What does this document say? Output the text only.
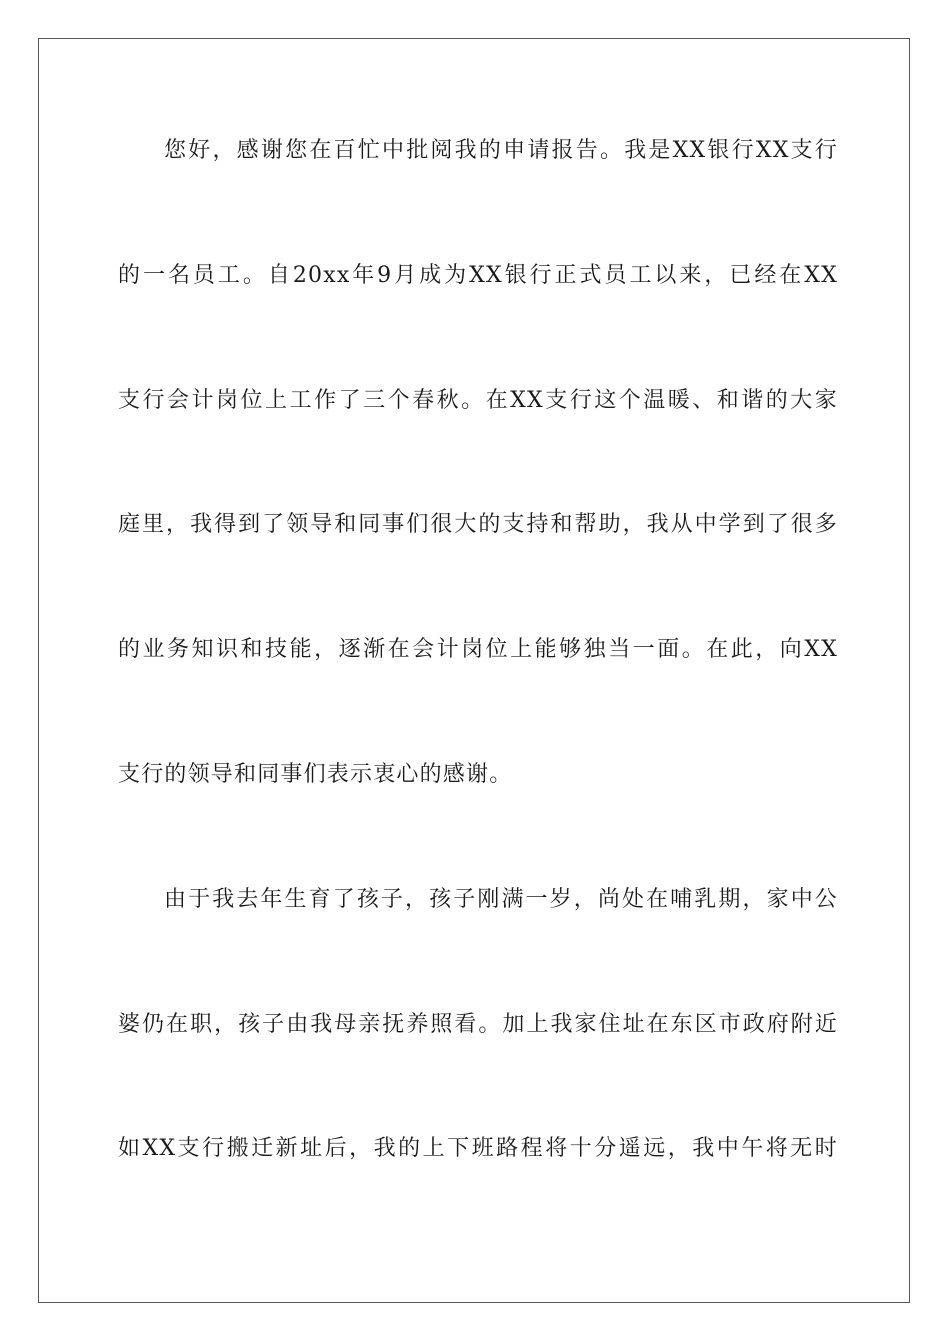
您好，感谢您在百忙中批阅我的申请报告。我是XX银行XX支行
的一名员工。自20xx年9月成为XX银行正式员工以来，已经在XX
支行会计岗位上工作了三个春秋。在XX支行这个温暖、和谐的大家
庭里，我得到了领导和同事们很大的支持和帮助，我从中学到了很多
的业务知识和技能，逐渐在会计岗位上能够独当一面。在此，向XX
支行的领导和同事们表示衷心的感谢。
由于我去年生育了孩子，孩子刚满一岁，尚处在哺乳期，家中公
婆仍在职，孩子由我母亲抚养照看。加上我家住址在东区市政府附近
如XX支行搬迁新址后，我的上下班路程将十分遥远，我中午将无时
